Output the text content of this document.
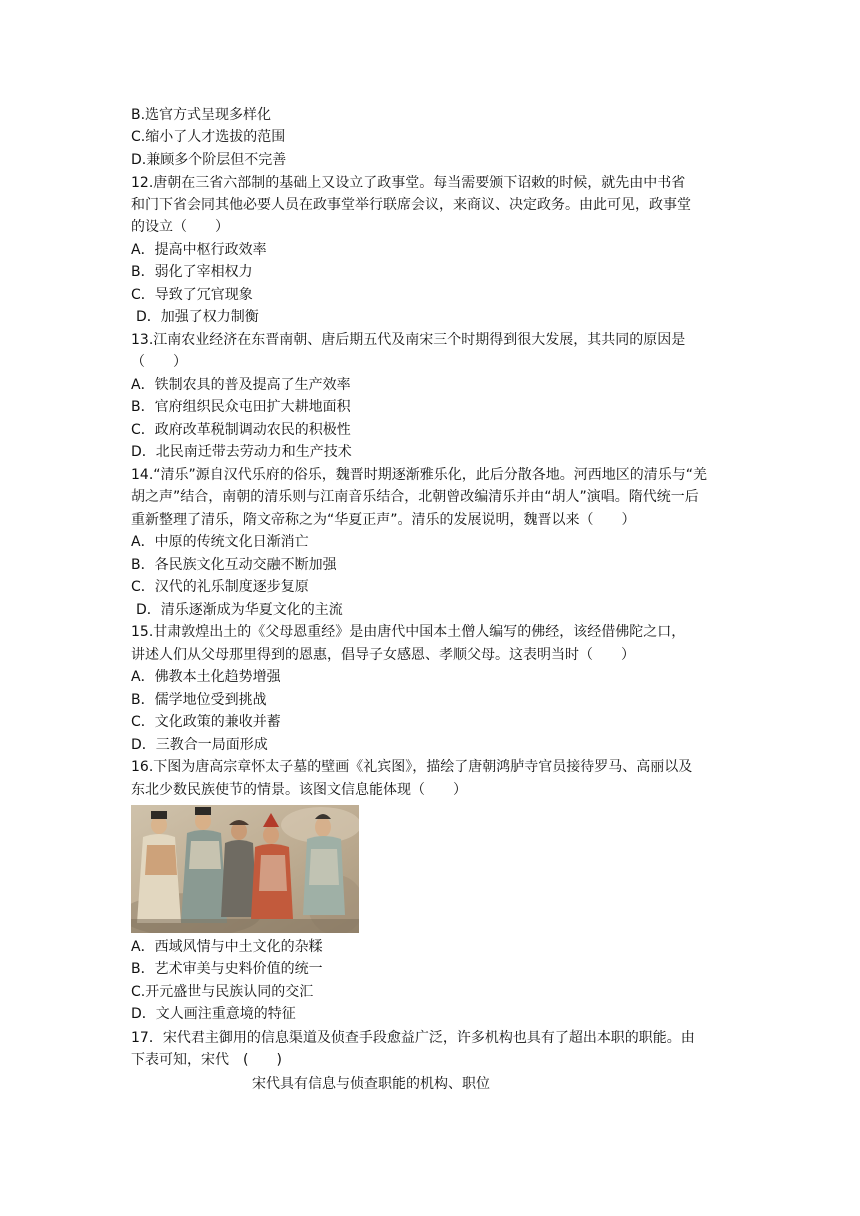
B.选官方式呈现多样化
C.缩小了人才选拔的范围
D.兼顾多个阶层但不完善
12.唐朝在三省六部制的基础上又设立了政事堂。每当需要颁下诏敕的时候，就先由中书省
和门下省会同其他必要人员在政事堂举行联席会议，来商议、决定政务。由此可见，政事堂
的设立（　　）
A．提高中枢行政效率
B．弱化了宰相权力
C．导致了冗官现象
D．加强了权力制衡
13.江南农业经济在东晋南朝、唐后期五代及南宋三个时期得到很大发展，其共同的原因是
（　　）
A．铁制农具的普及提高了生产效率
B．官府组织民众屯田扩大耕地面积
C．政府改革税制调动农民的积极性
D．北民南迁带去劳动力和生产技术
14.“清乐”源自汉代乐府的俗乐，魏晋时期逐渐雅乐化，此后分散各地。河西地区的清乐与“羌
胡之声”结合，南朝的清乐则与江南音乐结合，北朝曾改编清乐并由“胡人”演唱。隋代统一后
重新整理了清乐，隋文帝称之为“华夏正声”。清乐的发展说明，魏晋以来（　　）
A．中原的传统文化日渐消亡
B．各民族文化互动交融不断加强
C．汉代的礼乐制度逐步复原
D．清乐逐渐成为华夏文化的主流
15.甘肃敦煌出土的《父母恩重经》是由唐代中国本土僧人编写的佛经，该经借佛陀之口，
讲述人们从父母那里得到的恩惠，倡导子女感恩、孝顺父母。这表明当时（　　）
A．佛教本土化趋势增强
B．儒学地位受到挑战
C．文化政策的兼收并蓄
D．三教合一局面形成
16.下图为唐高宗章怀太子墓的壁画《礼宾图》，描绘了唐朝鸿胪寺官员接待罗马、高丽以及
东北少数民族使节的情景。该图文信息能体现（　　）
A．西域风情与中土文化的杂糅
B．艺术审美与史料价值的统一
C.开元盛世与民族认同的交汇
D．文人画注重意境的特征
17．宋代君主御用的信息渠道及侦查手段愈益广泛，许多机构也具有了超出本职的职能。由
下表可知，宋代　(　　)
宋代具有信息与侦查职能的机构、职位
